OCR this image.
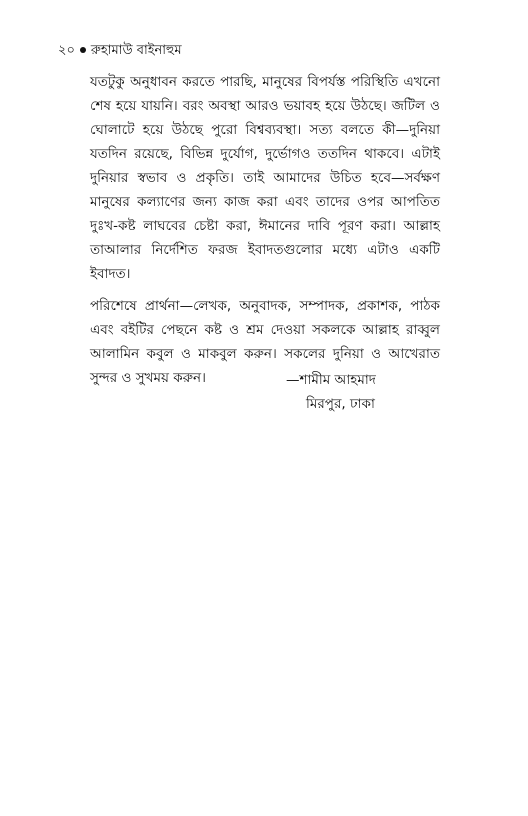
২০ রুহামাউ বাইনাহুম

যতটুকু অনুধাবন করতে পারছি, মানুষের বিপর্যস্ত পরিস্থিতি এখনো শেষ হয়ে যায়নি। বরং অবস্থা আরও ভয়াবহ হয়ে উঠছে। জটিল ও ঘোলাটে হয়ে উঠছে পুরো বিশ্বব্যবস্থা। সত্য বলতে কী—দুনিয়া যতদিন রয়েছে, বিভিন্ন দুর্যোগ, দুর্ভোগও ততদিন থাকবে। এটাই দুনিয়ার স্বভাব ও প্রকৃতি। তাই আমাদের উচিত হবে—সর্বক্ষণ মানুষের কল্যাণের জন্য কাজ করা এবং তাদের ওপর আপতিত দুঃখ-কষ্ট লাঘবের চেষ্টা করা, ঈমানের দাবি পূরণ করা। আল্লাহ তাআলার নির্দেশিত ফরজ ইবাদতগুলোর মধ্যে এটাও একটি ইবাদত।

পরিশেষে প্রার্থনা—লেখক, অনুবাদক, সম্পাদক, প্রকাশক, পাঠক এবং বইটির পেছনে কষ্ট ও শ্রম দেওয়া সকলকে আল্লাহ রাব্বুল আলামিন কবুল ও মাকবুল করুন। সকলের দুনিয়া ও আখেরাত সুন্দর ও সুখময় করুন।	—শামীম আহমাদ
মিরপুর, ঢাকা
